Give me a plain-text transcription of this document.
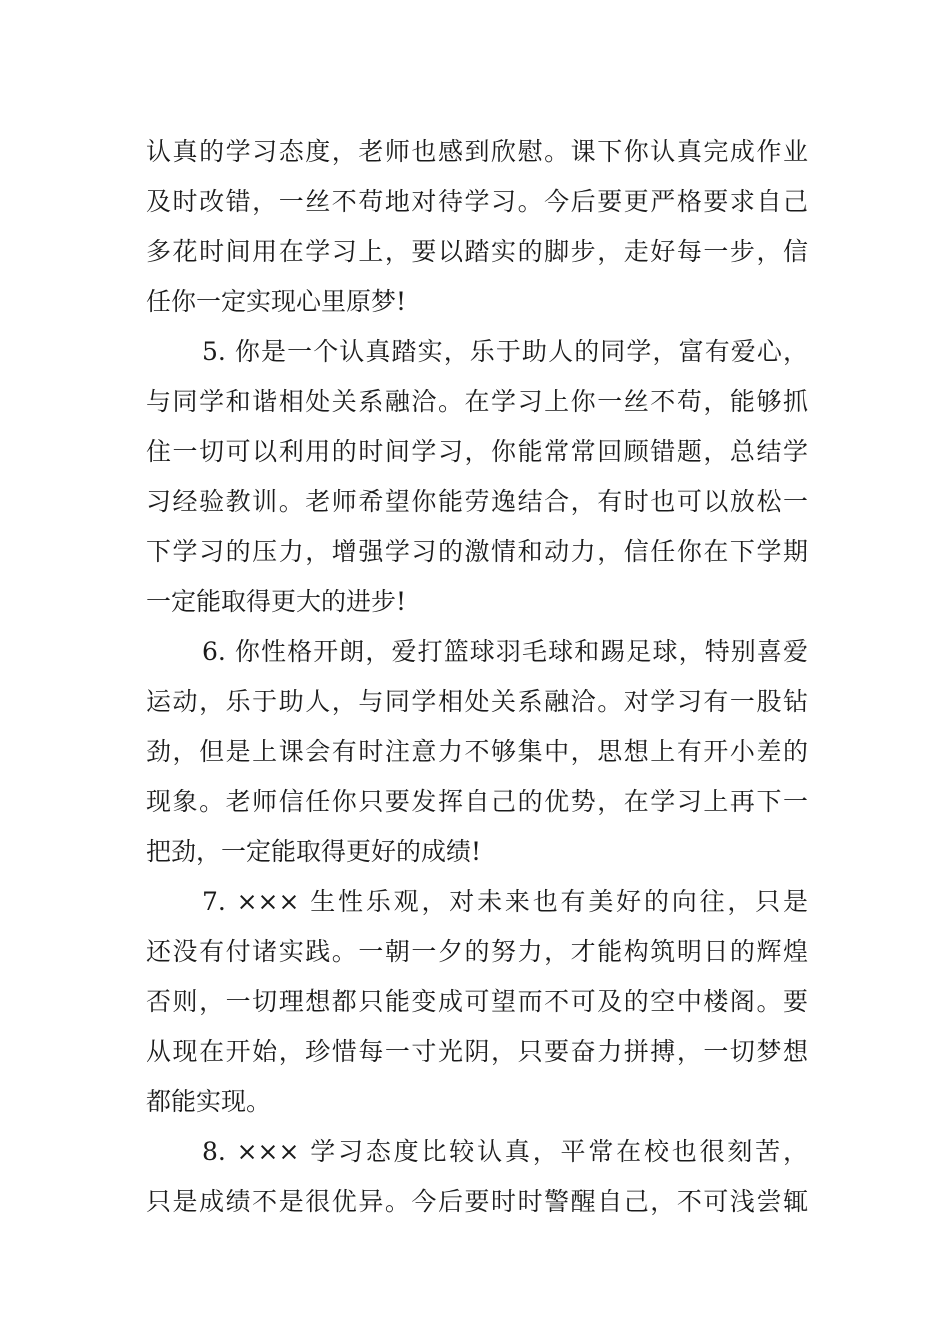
认真的学习态度，老师也感到欣慰。课下你认真完成作业
及时改错，一丝不苟地对待学习。今后要更严格要求自己
多花时间用在学习上，要以踏实的脚步，走好每一步，信
任你一定实现心里原梦!
5. 你是一个认真踏实，乐于助人的同学，富有爱心，
与同学和谐相处关系融洽。在学习上你一丝不苟，能够抓
住一切可以利用的时间学习，你能常常回顾错题，总结学
习经验教训。老师希望你能劳逸结合，有时也可以放松一
下学习的压力，增强学习的激情和动力，信任你在下学期
一定能取得更大的进步!
6. 你性格开朗，爱打篮球羽毛球和踢足球，特别喜爱
运动，乐于助人，与同学相处关系融洽。对学习有一股钻
劲，但是上课会有时注意力不够集中，思想上有开小差的
现象。老师信任你只要发挥自己的优势，在学习上再下一
把劲，一定能取得更好的成绩!
7. ××× 生性乐观，对未来也有美好的向往，只是
还没有付诸实践。一朝一夕的努力，才能构筑明日的辉煌
否则，一切理想都只能变成可望而不可及的空中楼阁。要
从现在开始，珍惜每一寸光阴，只要奋力拼搏，一切梦想
都能实现。
8. ××× 学习态度比较认真，平常在校也很刻苦，
只是成绩不是很优异。今后要时时警醒自己，不可浅尝辄
